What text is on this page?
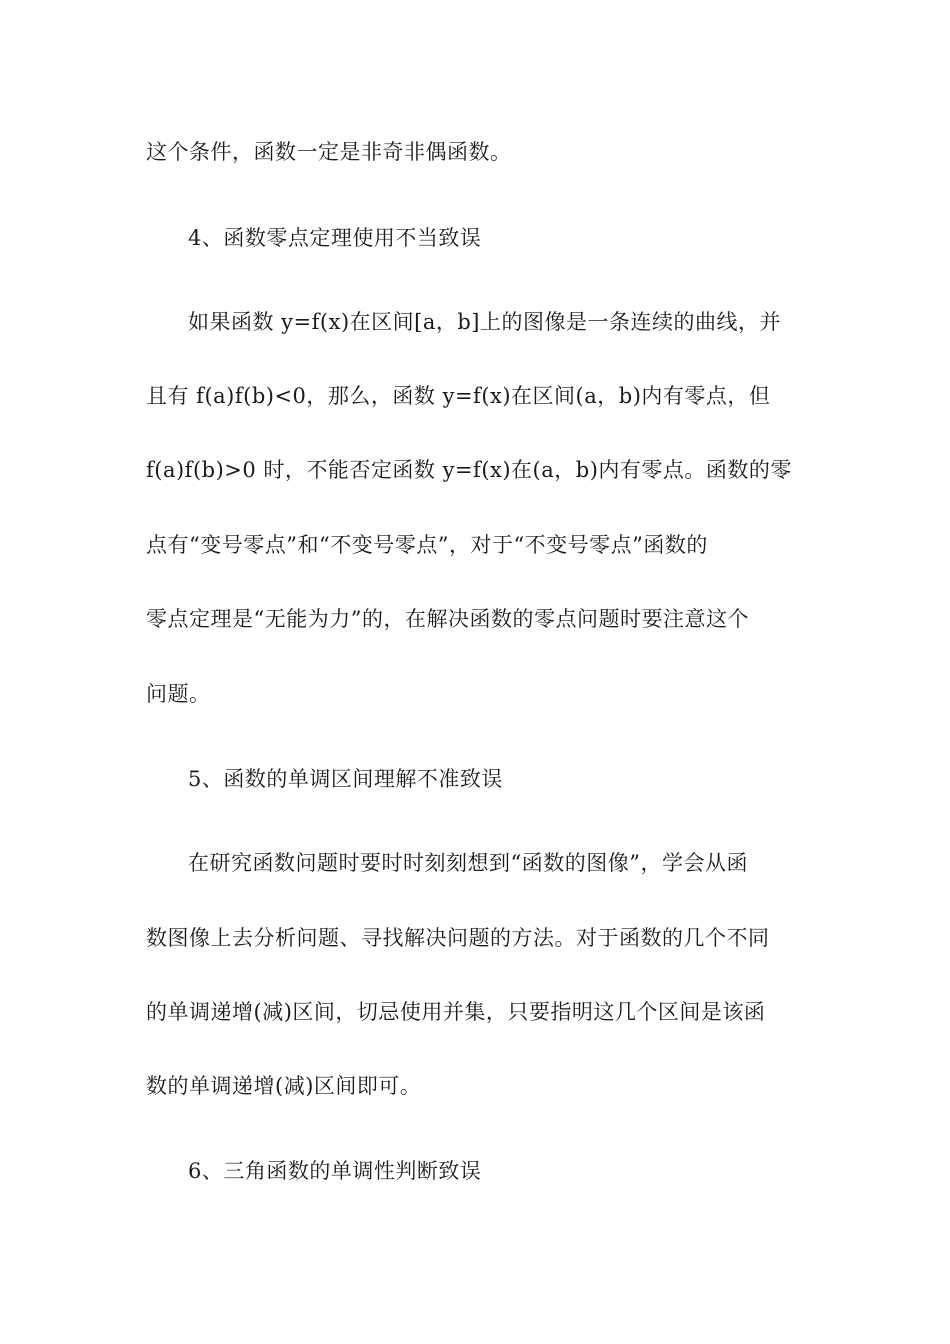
这个条件，函数一定是非奇非偶函数。
4、函数零点定理使用不当致误
如果函数 y=f(x)在区间[a，b]上的图像是一条连续的曲线，并
且有 f(a)f(b)<0，那么，函数 y=f(x)在区间(a，b)内有零点，但
f(a)f(b)>0 时，不能否定函数 y=f(x)在(a，b)内有零点。函数的零
点有“变号零点”和“不变号零点”，对于“不变号零点”函数的
零点定理是“无能为力”的，在解决函数的零点问题时要注意这个
问题。
5、函数的单调区间理解不准致误
在研究函数问题时要时时刻刻想到“函数的图像”，学会从函
数图像上去分析问题、寻找解决问题的方法。对于函数的几个不同
的单调递增(减)区间，切忌使用并集，只要指明这几个区间是该函
数的单调递增(减)区间即可。
6、三角函数的单调性判断致误
